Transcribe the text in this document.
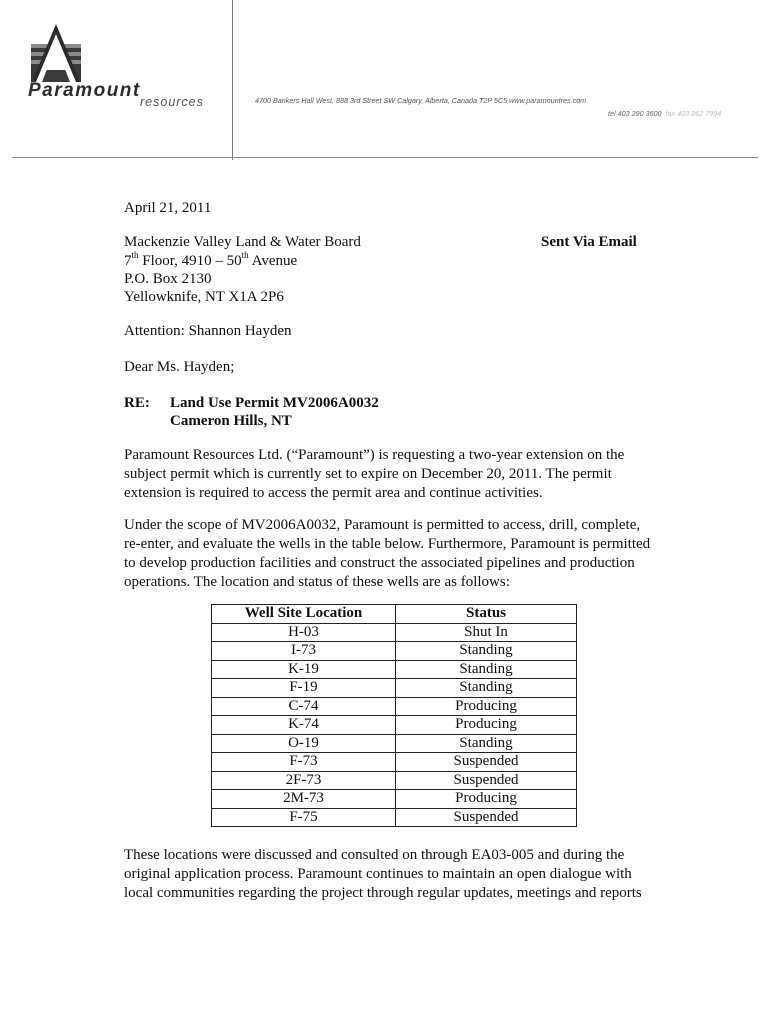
Paramount
resources	4700 Bankers Hall West, 888 3rd Street SW Calgary, Alberta, Canada T2P 5C5 www.paramountres.com
tel 403 290 3600 fax 403 262 7994
April 21, 2011
Mackenzie Valley Land & Water Board
7th Floor, 4910 – 50th Avenue
P.O. Box 2130
Yellowknife, NT X1A 2P6
Sent Via Email
Attention: Shannon Hayden
Dear Ms. Hayden;
RE: Land Use Permit MV2006A0032
Cameron Hills, NT
Paramount Resources Ltd. (“Paramount”) is requesting a two-year extension on the subject permit which is currently set to expire on December 20, 2011. The permit extension is required to access the permit area and continue activities.
Under the scope of MV2006A0032, Paramount is permitted to access, drill, complete, re-enter, and evaluate the wells in the table below. Furthermore, Paramount is permitted to develop production facilities and construct the associated pipelines and production operations. The location and status of these wells are as follows:
Well Site Location	Status
H-03	Shut In
I-73	Standing
K-19	Standing
F-19	Standing
C-74	Producing
K-74	Producing
O-19	Standing
F-73	Suspended
2F-73	Suspended
2M-73	Producing
F-75	Suspended
These locations were discussed and consulted on through EA03-005 and during the original application process. Paramount continues to maintain an open dialogue with local communities regarding the project through regular updates, meetings and reports
